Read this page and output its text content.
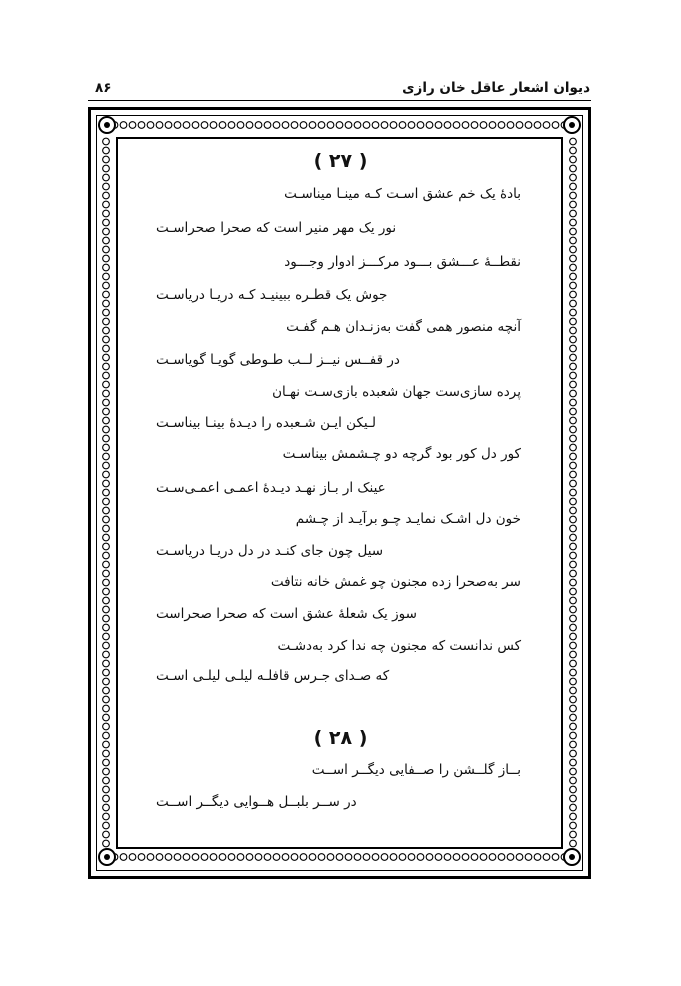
دیوان اشعار عاقل خان رازی
۸۶
( ۲۷ )
بادهٔ یک خم عشق اسـت کـه مینـا میناسـت
نور یک مهر منیر است که صحرا صحراسـت
نقطــهٔ عـــشق بـــود مرکـــز ادوار وجـــود
جوش یک قطـره ببینیـد کـه دریـا دریاسـت
آنچه منصور همی گفت به‌زنـدان هـم گفـت
در قفــس نیــز لــب طـوطی گویـا گویاسـت
پرده سازی‌ست جهان شعبده بازی‌سـت نهـان
لـیکن ایـن شـعبده را دیـدهٔ بینـا بیناسـت
کور دل کور بود گرچه دو چـشمش بیناسـت
عینک ار بـاز نهـد دیـدهٔ اعمـی اعمـی‌سـت
خون دل اشـک نمایـد چـو برآیـد از چـشم
سیل چون جای کنـد در دل دریـا دریاسـت
سر به‌صحرا زده مجنون چو غمش خانه نتافت
سوز یک شعلهٔ عشق است که صحرا صحراست
کس ندانست که مجنون چه ندا کرد به‌دشـت
که صـدای جـرس قافلـه لیلـی لیلـی اسـت
( ۲۸ )
بــاز گلــشن را صــفایی دیگــر اســت
در ســر بلبــل هــوایی دیگــر اســت
